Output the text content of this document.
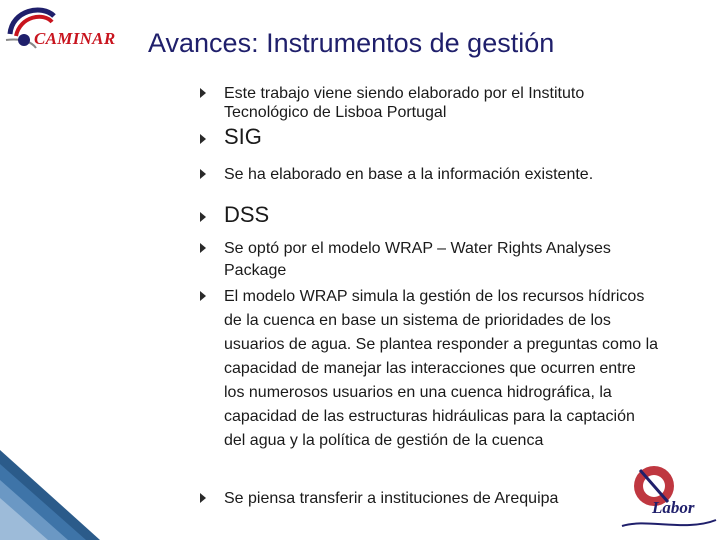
CAMINAR Avances: Instrumentos de gestión
Este trabajo viene siendo elaborado por el Instituto
Tecnológico de Lisboa Portugal
SIG
Se ha elaborado en base a la información existente.
DSS
Se optó por el modelo WRAP – Water Rights Analyses
Package
El modelo WRAP simula la gestión de los recursos hídricos
de la cuenca en base un sistema de prioridades de los
usuarios de agua. Se plantea responder a preguntas como la
capacidad de manejar las interacciones que ocurren entre
los numerosos usuarios en una cuenca hidrográfica, la
capacidad de las estructuras hidráulicas para la captación
del agua y la política de gestión de la cuenca
Se piensa transferir a instituciones de Arequipa	Labor
